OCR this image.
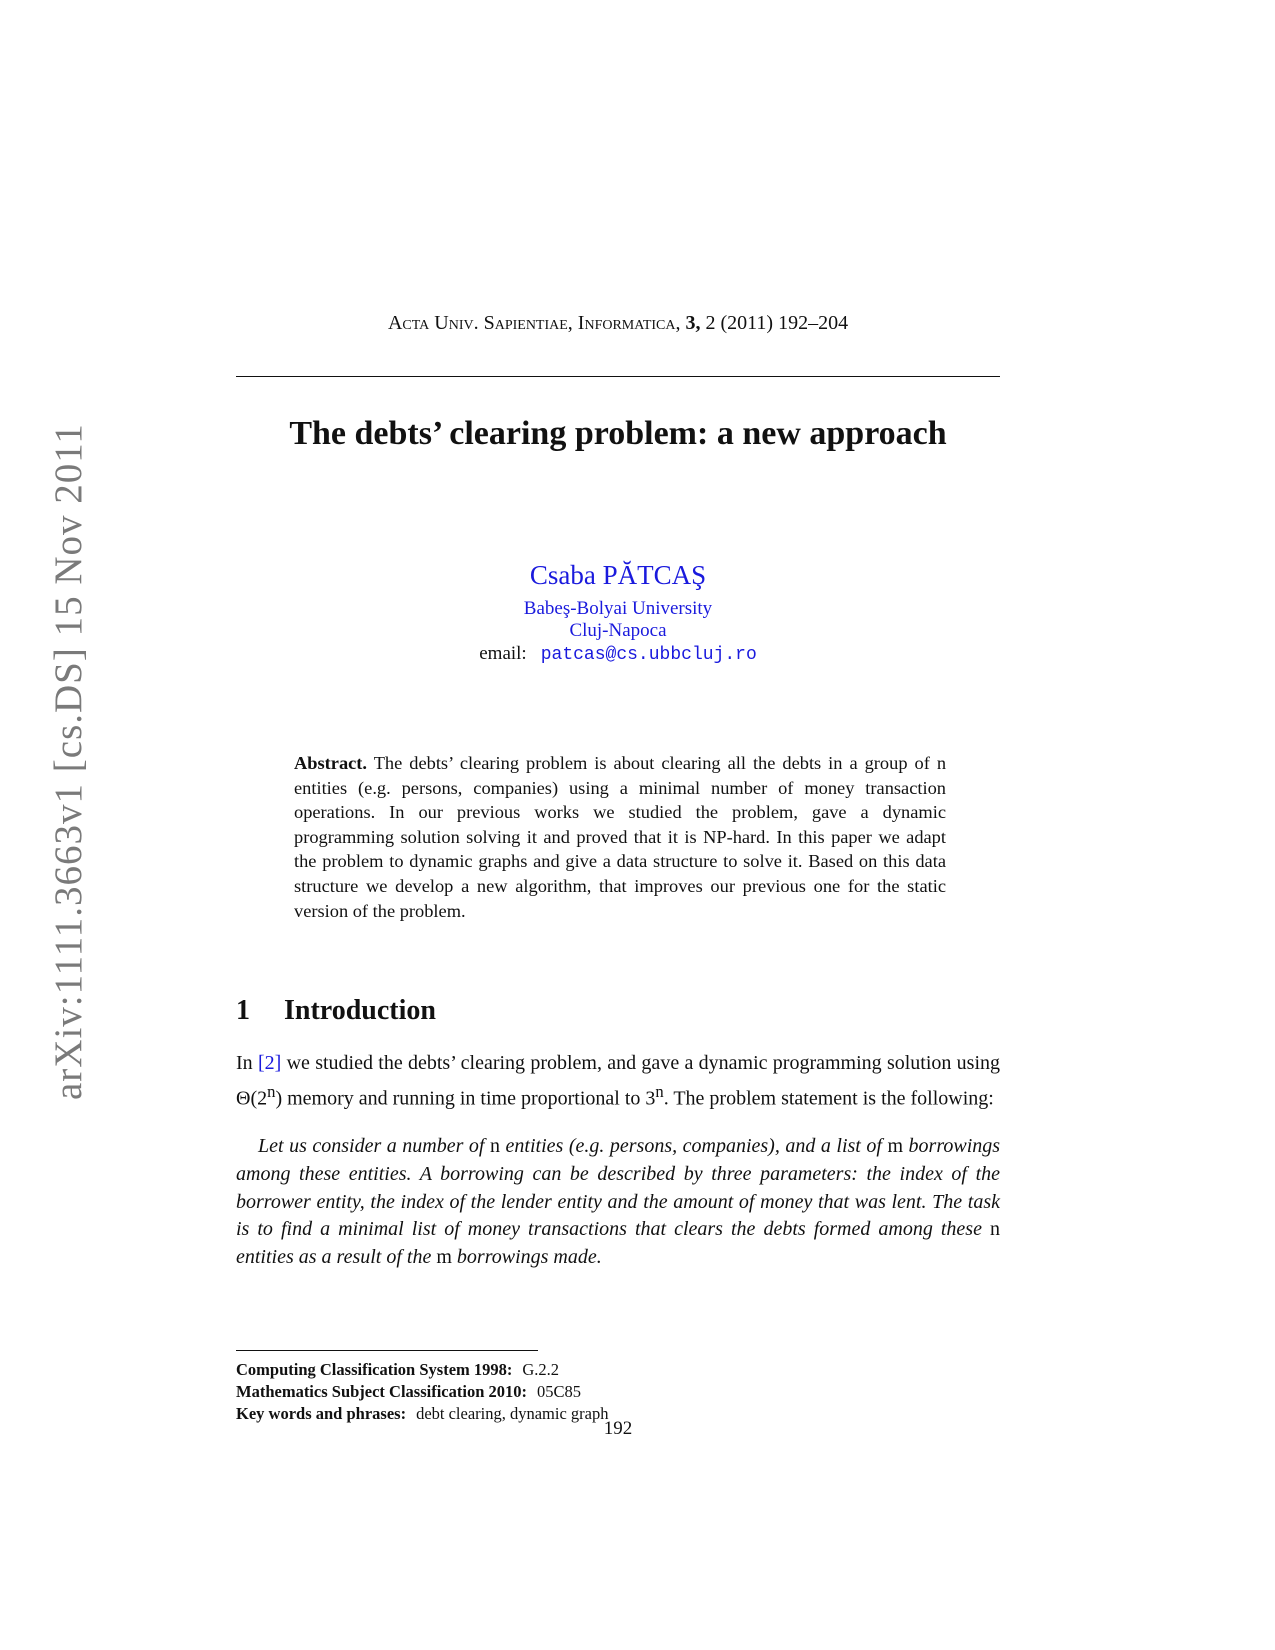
arXiv:1111.3663v1 [cs.DS] 15 Nov 2011
Acta Univ. Sapientiae, Informatica, 3, 2 (2011) 192–204
The debts’ clearing problem: a new approach
Csaba PĂTCAŞ
Babeş-Bolyai University
Cluj-Napoca
email: patcas@cs.ubbcluj.ro
Abstract. The debts’ clearing problem is about clearing all the debts in a group of n entities (e.g. persons, companies) using a minimal number of money transaction operations. In our previous works we studied the problem, gave a dynamic programming solution solving it and proved that it is NP-hard. In this paper we adapt the problem to dynamic graphs and give a data structure to solve it. Based on this data structure we develop a new algorithm, that improves our previous one for the static version of the problem.
1 Introduction
In [2] we studied the debts’ clearing problem, and gave a dynamic programming solution using Θ(2$^n$) memory and running in time proportional to 3$^n$. The problem statement is the following:
Let us consider a number of n entities (e.g. persons, companies), and a list of m borrowings among these entities. A borrowing can be described by three parameters: the index of the borrower entity, the index of the lender entity and the amount of money that was lent. The task is to find a minimal list of money transactions that clears the debts formed among these n entities as a result of the m borrowings made.
Computing Classification System 1998: G.2.2
Mathematics Subject Classification 2010: 05C85
Key words and phrases: debt clearing, dynamic graph
192
